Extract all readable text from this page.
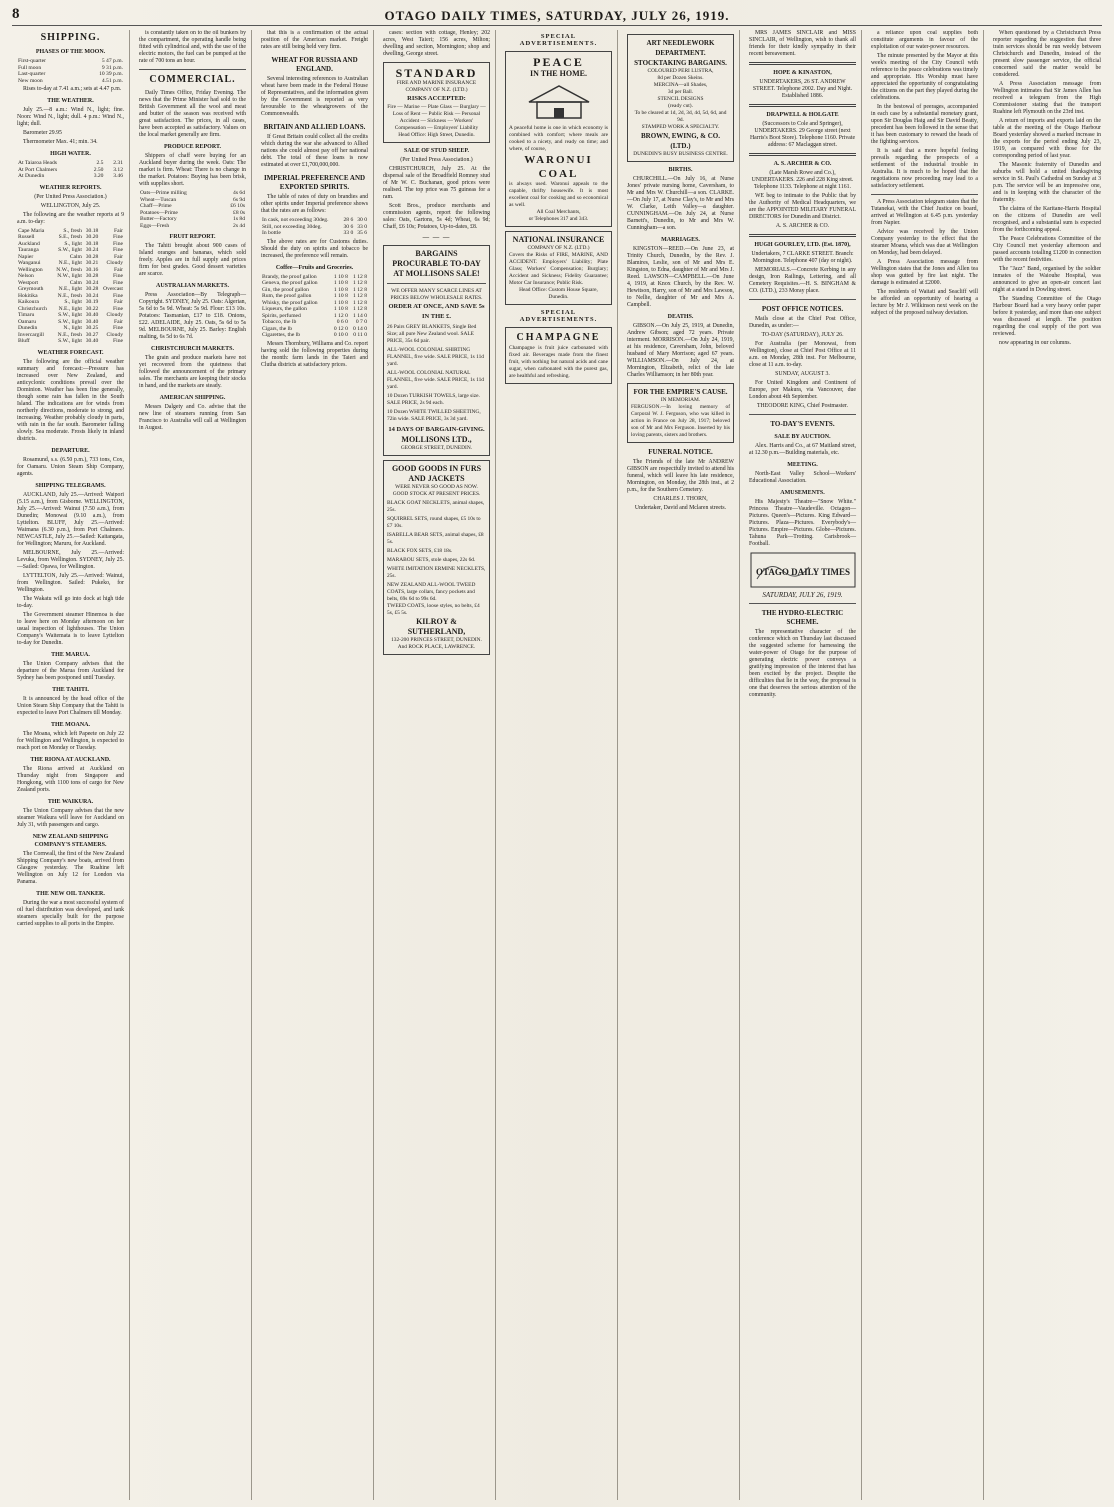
8	OTAGO DAILY TIMES, SATURDAY, JULY 26, 1919.
SHIPPING.
PHASES OF THE MOON.
First-quarter	5 47 p.m.
Full moon	9 31 p.m.
Last-quarter	10 39 p.m.
New moon	4.51 p.m.

Rises to-day at 7.41 a.m.; sets at 4.47 p.m.

THE WEATHER.

July 25.—8 a.m.: Wind N., light; fine. Noon: Wind N., light; dull. 4 p.m.: Wind N., light; dull.

Barometer 29.95

Thermometer Max. 41; min. 34.

HIGH WATER.
At Taiaroa Heads	2.5	2.31
At Port Chalmers	2.50	3.12
At Dunedin	3.20	3.46
WEATHER REPORTS.

(Per United Press Association.)

WELLINGTON, July 25.

The following are the weather reports at 9 a.m. to-day:

Cape Maria	S., fresh	30.18	Fair
Russell	S.E., fresh	30.20	Fine
Auckland	S., light	30.18	Fine
Tauranga	S.W., light	30.24	Fine
Napier	Calm	30.28	Fair
Wanganui	N.E., light	30.21	Cloudy
Wellington	N.W., fresh	30.16	Fair
Nelson	N.W., light	30.28	Fine
Westport	Calm	30.24	Fine
Greymouth	N.E., light	30.28	Overcast
Hokitika	N.E., fresh	30.24	Fine
Kaikoura	S., light	30.19	Fair
Christchurch	N.E., light	30.22	Fine
Timaru	S.W., light	30.40	Cloudy
Oamaru	S.W., light	30.40	Fair
Dunedin	N., light	30.25	Fine
Invercargill	N.E., fresh	30.27	Cloudy
Bluff	S.W., light	30.40	Fine
WEATHER FORECAST.

The following are the official weather summary and forecast:—Pressure has increased over New Zealand, and anticyclonic conditions prevail over the Dominion. Weather has been fine generally, though some rain has fallen in the South Island. The indications are for winds from northerly directions, moderate to strong, and increasing. Weather probably cloudy in parts, with rain in the far south. Barometer falling slowly. Sea moderate. Frosts likely in inland districts.

DEPARTURE.

Rosamund, s.s. (6.50 p.m.), 733 tons, Cox, for Oamaru. Union Steam Ship Company, agents.

SHIPPING TELEGRAMS.

AUCKLAND, July 25.—Arrived: Waipori (5.15 a.m.), from Gisborne. WELLINGTON, July 25.—Arrived: Wainui (7.50 a.m.), from Dunedin; Monowai (9.10 a.m.), from Lyttelton. BLUFF, July 25.—Arrived: Waimana (6.30 p.m.), from Port Chalmers. NEWCASTLE, July 25.—Sailed: Kaitangata, for Wellington; Maruru, for Auckland.

MELBOURNE, July 25.—Arrived: Levuka, from Wellington. SYDNEY, July 25.—Sailed: Opawa, for Wellington.

LYTTELTON, July 25.—Arrived: Wainui, from Wellington. Sailed: Pukeko, for Wellington.

The Wakatu will go into dock at high tide to-day.

The Government steamer Hinemoa is due to leave here on Monday afternoon on her usual inspection of lighthouses. The Union Company's Waitemata is to leave Lyttelton to-day for Dunedin.

THE MARUA.

The Union Company advises that the departure of the Marua from Auckland for Sydney has been postponed until Tuesday.

THE TAHITI.

It is announced by the head office of the Union Steam Ship Company that the Tahiti is expected to leave Port Chalmers till Monday.

THE MOANA.

The Moana, which left Papeete on July 22 for Wellington and Wellington, is expected to reach port on Monday or Tuesday.

THE RIONA AT AUCKLAND.

The Riona arrived at Auckland on Thursday night from Singapore and Hongkong, with 1100 tons of cargo for New Zealand ports.

THE WAIKURA.

The Union Company advises that the new steamer Waikura will leave for Auckland on July 31, with passengers and cargo.

NEW ZEALAND SHIPPING COMPANY'S STEAMERS.

The Cornwall, the first of the New Zealand Shipping Company's new boats, arrived from Glasgow yesterday. The Ruahine left Wellington on July 12 for London via Panama.

THE NEW OIL TANKER.

During the war a most successful system of oil fuel distribution was developed, and tank steamers specially built for the purpose carried supplies to all ports in the Empire.

is constantly taken on to the oil bunkers by the compartment, the operating handle being fitted with cylindrical and, with the use of the electric motors, the fuel can be pumped at the rate of 700 tons an hour.

COMMERCIAL.

Daily Times Office, Friday Evening. The news that the Prime Minister had sold to the British Government all the wool and meat and butter of the season was received with great satisfaction. The prices, in all cases, have been accepted as satisfactory. Values on the local market generally are firm.

PRODUCE REPORT.

Shippers of chaff were buying for an Auckland buyer during the week. Oats: The market is firm. Wheat: There is no change in the market. Potatoes: Buying has been brisk, with supplies short.

Oats—Prime milling	4s 6d
Wheat—Tuscan	6s 9d
Chaff—Prime	£6 10s
Potatoes—Prime	£8 0s
Butter—Factory	1s 8d
Eggs—Fresh	2s 4d
FRUIT REPORT.

The Tahiti brought about 900 cases of Island oranges and bananas, which sold freely. Apples are in full supply and prices firm for best grades. Good dessert varieties are scarce.

AUSTRALIAN MARKETS.

Press Association—By Telegraph—Copyright. SYDNEY, July 25. Oats: Algerian, 5s 6d to 5s 9d. Wheat: 5s 9d. Flour: £13 10s. Potatoes: Tasmanian, £17 to £18. Onions, £22. ADELAIDE, July 25. Oats, 5s 6d to 5s 9d. MELBOURNE, July 25. Barley: English malting, 6s 5d to 6s 7d.

CHRISTCHURCH MARKETS.

The grain and produce markets have not yet recovered from the quietness that followed the announcement of the primary sales. The merchants are keeping their stocks in hand, and the markets are steady.

AMERICAN SHIPPING.

Messrs Dalgety and Co. advise that the new line of steamers running from San Francisco to Australia will call at Wellington in August.

that this is a confirmation of the actual position of the American market. Freight rates are still being held very firm.

WHEAT FOR RUSSIA AND ENGLAND.

Several interesting references to Australian wheat have been made in the Federal House of Representatives, and the information given by the Government is reported as very favourable to the wheatgrowers of the Commonwealth.

BRITAIN AND ALLIED LOANS.

If Great Britain could collect all the credits which during the war she advanced to Allied nations she could almost pay off her national debt. The total of these loans is now estimated at over £1,700,000,000.

IMPERIAL PREFERENCE AND EXPORTED SPIRITS.

The table of rates of duty on brandies and other spirits under Imperial preference shows that the rates are as follows:

In cask, not exceeding 30deg.	28 6	30 0
Still, not exceeding 30deg.	30 6	33 0
In bottle	33 0	35 6

The above rates are for Customs duties. Should the duty on spirits and tobacco be increased, the preference will remain.

Coffee—Fruits and Groceries.
Brandy, the proof gallon	1 10 8	1 12 8
Geneva, the proof gallon	1 10 8	1 12 8
Gin, the proof gallon	1 10 8	1 12 8
Rum, the proof gallon	1 10 8	1 12 8
Whisky, the proof gallon	1 10 8	1 12 8
Liqueurs, the gallon	1 10 8	1 12 8
Spirits, perfumed	1 12 0	1 14 0
Tobacco, the lb	0 6 0	0 7 0
Cigars, the lb	0 12 0	0 14 0
Cigarettes, the lb	0 10 0	0 11 0

Messrs Thornbury, Williams and Co. report having sold the following properties during the month: farm lands in the Taieri and Clutha districts at satisfactory prices.

cases: section with cottage, Henley; 202 acres, West Taieri; 156 acres, Milton; dwelling and section, Mornington; shop and dwelling, George street.

STANDARD
FIRE AND MARINE INSURANCE COMPANY OF N.Z. (LTD.)
RISKS ACCEPTED:
Fire — Marine — Plate Glass — Burglary — Loss of Rent — Public Risk — Personal Accident — Sickness — Workers' Compensation — Employers' Liability
Head Office: High Street, Dunedin.
SALE OF STUD SHEEP.

(Per United Press Association.)

CHRISTCHURCH, July 25. At the dispersal sale of the Broadfield Romney stud of Mr W. C. Buchanan, good prices were realised. The top price was 75 guineas for a ram.

Scott Bros., produce merchants and commission agents, report the following sales: Oats, Gartons, 5s 4d; Wheat, 6s 9d; Chaff, £6 10s; Potatoes, Up-to-dates, £8.

— — —
BARGAINS PROCURABLE TO-DAY AT MOLLISONS SALE!
WE OFFER MANY SCARCE LINES AT PRICES BELOW WHOLESALE RATES.
ORDER AT ONCE, AND SAVE 5s IN THE £.
26 Pairs GREY BLANKETS, Single Bed Size; all pure New Zealand wool. SALE PRICE, 35s 6d pair.
ALL-WOOL COLONIAL SHIRTING FLANNEL, five wide. SALE PRICE, 1s 11d yard.
ALL-WOOL COLONIAL NATURAL FLANNEL, five wide. SALE PRICE, 1s 11d yard.
10 Dozen TURKISH TOWELS, large size. SALE PRICE, 2s 9d each.
10 Dozen WHITE TWILLED SHEETING, 72in wide. SALE PRICE, 3s 3d yard.
14 DAYS OF BARGAIN-GIVING.
MOLLISONS LTD.,
GEORGE STREET, DUNEDIN.
GOOD GOODS IN FURS AND JACKETS
WERE NEVER SO GOOD AS NOW.
GOOD STOCK AT PRESENT PRICES.
BLACK GOAT NECKLETS, animal shapes, 25s.
SQUIRREL SETS, round shapes, £5 10s to £7 10s.
ISABELLA BEAR SETS, animal shapes, £8 5s.
BLACK FOX SETS, £18 18s.
MARABOU SETS, stole shapes, 22s 6d.
WHITE IMITATION ERMINE NECKLETS, 25s.
NEW ZEALAND ALL-WOOL TWEED COATS, large collars, fancy pockets and belts, 69s 6d to 99s 6d.
TWEED COATS, loose styles, no belts, £4 5s, £5 5s.
KILROY & SUTHERLAND,
132-200 PRINCES STREET, DUNEDIN. And ROCK PLACE, LAWRENCE.
SPECIAL ADVERTISEMENTS.
PEACE
IN THE HOME.
A peaceful home is one in which economy is combined with comfort; where meals are cooked to a nicety, and ready on time; and where, of course,
WARONUI COAL
is always used. Waronui appeals to the capable, thrifty housewife. It is most excellent coal for cooking and so economical as well.
All Coal Merchants,
or Telephones 317 and 343.
NATIONAL INSURANCE
COMPANY OF N.Z. (LTD.)
Covers the Risks of FIRE, MARINE, AND ACCIDENT. Employers' Liability; Plate Glass; Workers' Compensation; Burglary; Accident and Sickness; Fidelity Guarantee; Motor Car Insurance; Public Risk.
Head Office: Custom House Square, Dunedin.
SPECIAL ADVERTISEMENTS.
CHAMPAGNE
Champagne is fruit juice carbonated with fixed air. Beverages made from the finest fruit, with nothing but natural acids and cane sugar, when carbonated with the purest gas, are healthful and refreshing.
ART NEEDLEWORK DEPARTMENT.
STOCKTAKING BARGAINS.
COLOURED PERI LUSTRA,
8d per Dozen Skeins.
MERCINA—all Shades,
3d per Ball.
STENCIL DESIGNS
(ready cut).
To be cleared at 1d, 2d, 3d, 4d, 5d, 6d, and 9d.
STAMPED WORK A SPECIALTY.
BROWN, EWING, & CO. (LTD.)
DUNEDIN'S BUSY BUSINESS CENTRE.
BIRTHS.

CHURCHILL.—On July 16, at Nurse Jones' private nursing home, Caversham, to Mr and Mrs W. Churchill—a son. CLARKE.—On July 17, at Nurse Clay's, to Mr and Mrs W. Clarke, Leith Valley—a daughter. CUNNINGHAM.—On July 24, at Nurse Barnett's, Dunedin, to Mr and Mrs W. Cunningham—a son.

MARRIAGES.

KINGSTON—REED.—On June 23, at Trinity Church, Dunedin, by the Rev. J. Blamires, Leslie, son of Mr and Mrs E. Kingston, to Edna, daughter of Mr and Mrs J. Reed. LAWSON—CAMPBELL.—On June 4, 1919, at Knox Church, by the Rev. W. Hewitson, Harry, son of Mr and Mrs Lawson, to Nellie, daughter of Mr and Mrs A. Campbell.

DEATHS.

GIBSON.—On July 25, 1919, at Dunedin, Andrew Gibson; aged 72 years. Private interment. MORRISON.—On July 24, 1919, at his residence, Caversham, John, beloved husband of Mary Morrison; aged 67 years. WILLIAMSON.—On July 24, at Mornington, Elizabeth, relict of the late Charles Williamson; in her 80th year.

FOR THE EMPIRE'S CAUSE.
IN MEMORIAM.
FERGUSON.—In loving memory of Corporal W. J. Ferguson, who was killed in action in France on July 28, 1917; beloved son of Mr and Mrs Ferguson. Inserted by his loving parents, sisters and brothers.
FUNERAL NOTICE.

The Friends of the late Mr ANDREW GIBSON are respectfully invited to attend his funeral, which will leave his late residence, Mornington, on Monday, the 28th inst., at 2 p.m., for the Southern Cemetery.

CHARLES J. THORN,

Undertaker, David and Mclaren streets.

MRS JAMES SINCLAIR and MISS SINCLAIR, of Wellington, wish to thank all friends for their kindly sympathy in their recent bereavement.

HOPE & KINASTON,

UNDERTAKERS, 26 ST. ANDREW STREET. Telephone 2002. Day and Night. Established 1886.

DRAPWELL & HOLGATE

(Successors to Cole and Springer), UNDERTAKERS. 29 George street (next Harris's Boot Store). Telephone 1160. Private address: 67 Maclaggan street.

A. S. ARCHER & CO.

(Late Marsh Rowe and Co.), UNDERTAKERS. 226 and 228 King street. Telephone 1133. Telephone at night 1161.

WE beg to intimate to the Public that by the Authority of Medical Headquarters, we are the APPOINTED MILITARY FUNERAL DIRECTORS for Dunedin and District.

A. S. ARCHER & CO.

HUGH GOURLEY, LTD. (Est. 1870),

Undertakers, 7 CLARKE STREET. Branch: Mornington. Telephone 407 (day or night).

MEMORIALS.—Concrete Kerbing in any design, Iron Railings, Lettering, and all Cemetery Requisites.—H. S. BINGHAM & CO. (LTD.), 233 Moray place.

POST OFFICE NOTICES.

Mails close at the Chief Post Office, Dunedin, as under:—

TO-DAY (SATURDAY), JULY 26.

For Australia (per Monowai, from Wellington), close at Chief Post Office at 11 a.m. on Monday, 28th inst. For Melbourne, close at 11 a.m. to-day.

SUNDAY, AUGUST 3.

For United Kingdom and Continent of Europe, per Makura, via Vancouver, due London about 4th September.

THEODORE KING, Chief Postmaster.

TO-DAY'S EVENTS.
SALE BY AUCTION.

Alex. Harris and Co., at 67 Maitland street, at 12.30 p.m.—Building materials, etc.

MEETING.

North-East Valley School—Workers' Educational Association.

AMUSEMENTS.

His Majesty's Theatre—"Snow White." Princess Theatre—Vaudeville. Octagon—Pictures. Queen's—Pictures. King Edward—Pictures. Plaza—Pictures. Everybody's—Pictures. Empire—Pictures. Globe—Pictures. Tahuna Park—Trotting. Carisbrook—Football.

OTAGO DAILY TIMES

SATURDAY, JULY 26, 1919.

THE HYDRO-ELECTRIC SCHEME.

The representative character of the conference which on Thursday last discussed the suggested scheme for harnessing the water-power of Otago for the purpose of generating electric power conveys a gratifying impression of the interest that has been excited by the project. Despite the difficulties that lie in the way, the proposal is one that deserves the serious attention of the community.

a reliance upon coal supplies both constitute arguments in favour of the exploitation of our water-power resources.

The minute presented by the Mayor at this week's meeting of the City Council with reference to the peace celebrations was timely and appropriate. His Worship must have appreciated the opportunity of congratulating the citizens on the part they played during the celebrations.

In the bestowal of peerages, accompanied in each case by a substantial monetary grant, upon Sir Douglas Haig and Sir David Beatty, precedent has been followed in the sense that it has been customary to reward the heads of the fighting services.

It is said that a more hopeful feeling prevails regarding the prospects of a settlement of the industrial trouble in Australia. It is much to be hoped that the negotiations now proceeding may lead to a satisfactory settlement.

A Press Association telegram states that the Tutanekai, with the Chief Justice on board, arrived at Wellington at 6.45 p.m. yesterday from Napier.

Advice was received by the Union Company yesterday to the effect that the steamer Moana, which was due at Wellington on Monday, had been delayed.

A Press Association message from Wellington states that the Jones and Allen tea shop was gutted by fire last night. The damage is estimated at £2000.

The residents of Waitati and Seacliff will be afforded an opportunity of hearing a lecture by Mr J. Wilkinson next week on the subject of the proposed railway deviation.

When questioned by a Christchurch Press reporter regarding the suggestion that three train services should be run weekly between Christchurch and Dunedin, instead of the present slow passenger service, the official concerned said the matter would be considered.

A Press Association message from Wellington intimates that Sir James Allen has received a telegram from the High Commissioner stating that the transport Ruahine left Plymouth on the 23rd inst.

A return of imports and exports laid on the table at the meeting of the Otago Harbour Board yesterday showed a marked increase in the exports for the period ending July 23, 1919, as compared with those for the corresponding period of last year.

The Masonic fraternity of Dunedin and suburbs will hold a united thanksgiving service in St. Paul's Cathedral on Sunday at 3 p.m. The service will be an impressive one, and is in keeping with the character of the fraternity.

The claims of the Karitane-Harris Hospital on the citizens of Dunedin are well recognised, and a substantial sum is expected from the forthcoming appeal.

The Peace Celebrations Committee of the City Council met yesterday afternoon and passed accounts totalling £1200 in connection with the recent festivities.

The "Jazz" Band, organised by the soldier inmates of the Waiouhe Hospital, was announced to give an open-air concert last night at a stand in Dowling street.

The Standing Committee of the Otago Harbour Board had a very heavy order paper before it yesterday, and more than one subject was discussed at length. The position regarding the coal supply of the port was reviewed.

now appearing in our columns.
